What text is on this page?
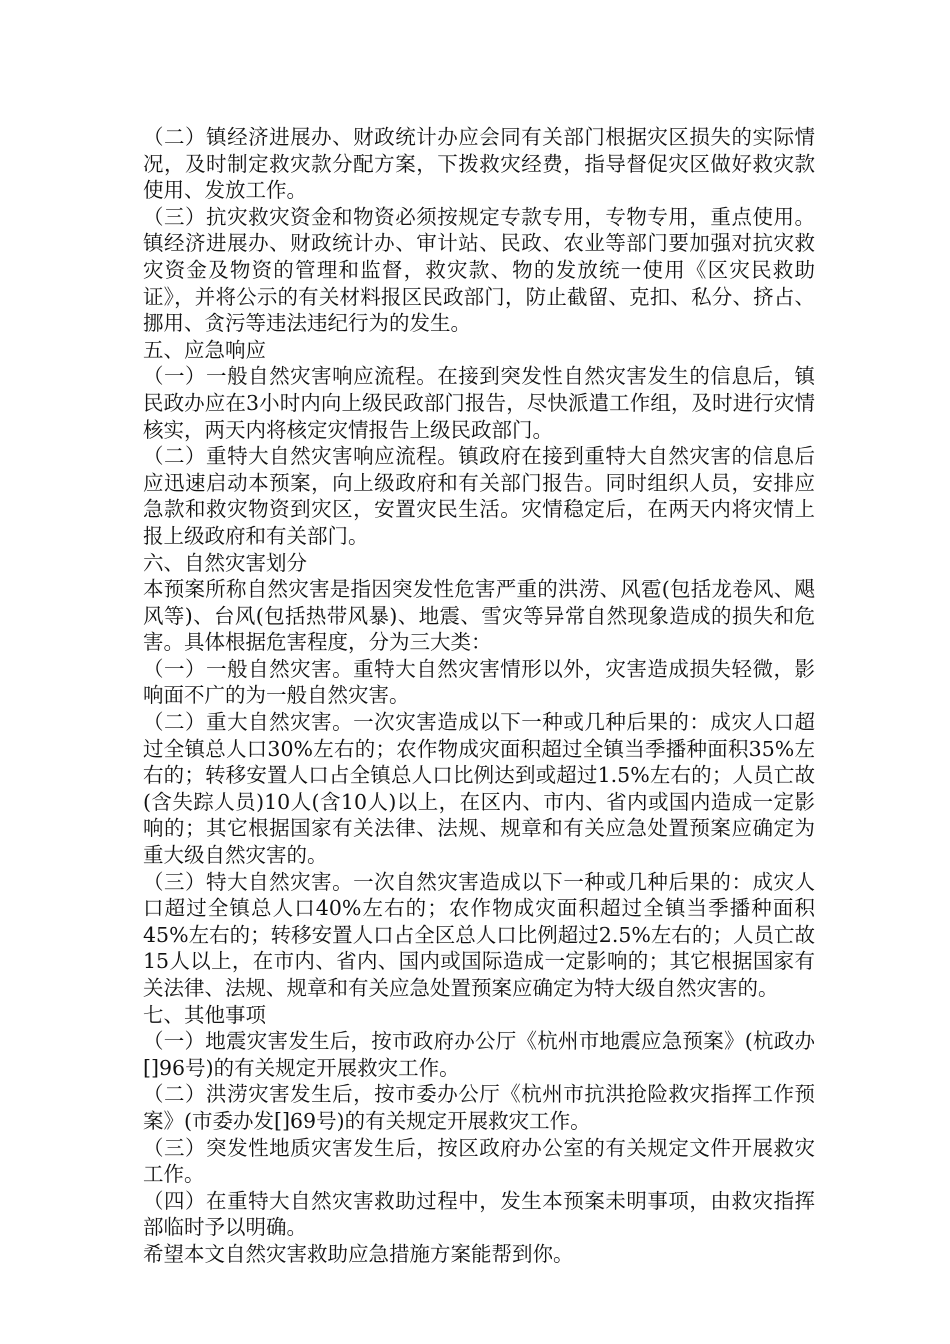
（二）镇经济进展办、财政统计办应会同有关部门根据灾区损失的实际情况，及时制定救灾款分配方案，下拨救灾经费，指导督促灾区做好救灾款使用、发放工作。

（三）抗灾救灾资金和物资必须按规定专款专用，专物专用，重点使用。镇经济进展办、财政统计办、审计站、民政、农业等部门要加强对抗灾救灾资金及物资的管理和监督，救灾款、物的发放统一使用《区灾民救助证》，并将公示的有关材料报区民政部门，防止截留、克扣、私分、挤占、挪用、贪污等违法违纪行为的发生。

五、应急响应

（一）一般自然灾害响应流程。在接到突发性自然灾害发生的信息后，镇民政办应在3小时内向上级民政部门报告，尽快派遣工作组，及时进行灾情核实，两天内将核定灾情报告上级民政部门。

（二）重特大自然灾害响应流程。镇政府在接到重特大自然灾害的信息后应迅速启动本预案，向上级政府和有关部门报告。同时组织人员，安排应急款和救灾物资到灾区，安置灾民生活。灾情稳定后，在两天内将灾情上报上级政府和有关部门。

六、自然灾害划分

本预案所称自然灾害是指因突发性危害严重的洪涝、风雹(包括龙卷风、飓风等)、台风(包括热带风暴)、地震、雪灾等异常自然现象造成的损失和危害。具体根据危害程度，分为三大类：

（一）一般自然灾害。重特大自然灾害情形以外，灾害造成损失轻微，影响面不广的为一般自然灾害。

（二）重大自然灾害。一次灾害造成以下一种或几种后果的：成灾人口超过全镇总人口30%左右的；农作物成灾面积超过全镇当季播种面积35%左右的；转移安置人口占全镇总人口比例达到或超过1.5%左右的；人员亡故(含失踪人员)10人(含10人)以上，在区内、市内、省内或国内造成一定影响的；其它根据国家有关法律、法规、规章和有关应急处置预案应确定为重大级自然灾害的。

（三）特大自然灾害。一次自然灾害造成以下一种或几种后果的：成灾人口超过全镇总人口40%左右的；农作物成灾面积超过全镇当季播种面积45%左右的；转移安置人口占全区总人口比例超过2.5%左右的；人员亡故15人以上，在市内、省内、国内或国际造成一定影响的；其它根据国家有关法律、法规、规章和有关应急处置预案应确定为特大级自然灾害的。

七、其他事项

（一）地震灾害发生后，按市政府办公厅《杭州市地震应急预案》(杭政办[]96号)的有关规定开展救灾工作。

（二）洪涝灾害发生后，按市委办公厅《杭州市抗洪抢险救灾指挥工作预案》(市委办发[]69号)的有关规定开展救灾工作。

（三）突发性地质灾害发生后，按区政府办公室的有关规定文件开展救灾工作。

（四）在重特大自然灾害救助过程中，发生本预案未明事项，由救灾指挥部临时予以明确。

希望本文自然灾害救助应急措施方案能帮到你。
